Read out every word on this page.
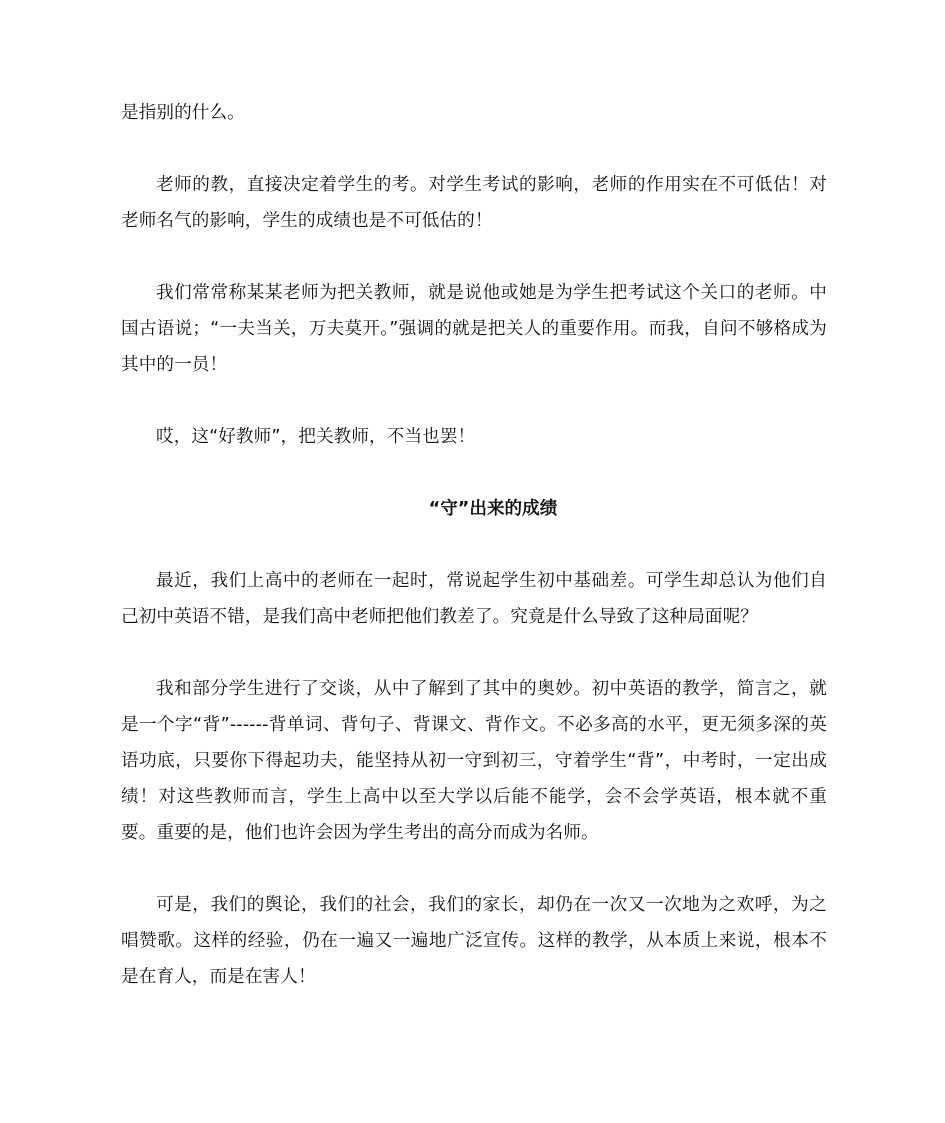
是指别的什么。

老师的教，直接决定着学生的考。对学生考试的影响，老师的作用实在不可低估！对老师名气的影响，学生的成绩也是不可低估的！

我们常常称某某老师为把关教师，就是说他或她是为学生把考试这个关口的老师。中国古语说；“一夫当关，万夫莫开。”强调的就是把关人的重要作用。而我，自问不够格成为其中的一员！

哎，这“好教师”，把关教师，不当也罢！

“守”出来的成绩

最近，我们上高中的老师在一起时，常说起学生初中基础差。可学生却总认为他们自己初中英语不错，是我们高中老师把他们教差了。究竟是什么导致了这种局面呢？

我和部分学生进行了交谈，从中了解到了其中的奥妙。初中英语的教学，简言之，就是一个字“背”------背单词、背句子、背课文、背作文。不必多高的水平，更无须多深的英语功底，只要你下得起功夫，能坚持从初一守到初三，守着学生“背”，中考时，一定出成绩！对这些教师而言，学生上高中以至大学以后能不能学，会不会学英语，根本就不重要。重要的是，他们也许会因为学生考出的高分而成为名师。

可是，我们的舆论，我们的社会，我们的家长，却仍在一次又一次地为之欢呼，为之唱赞歌。这样的经验，仍在一遍又一遍地广泛宣传。这样的教学，从本质上来说，根本不是在育人，而是在害人！
